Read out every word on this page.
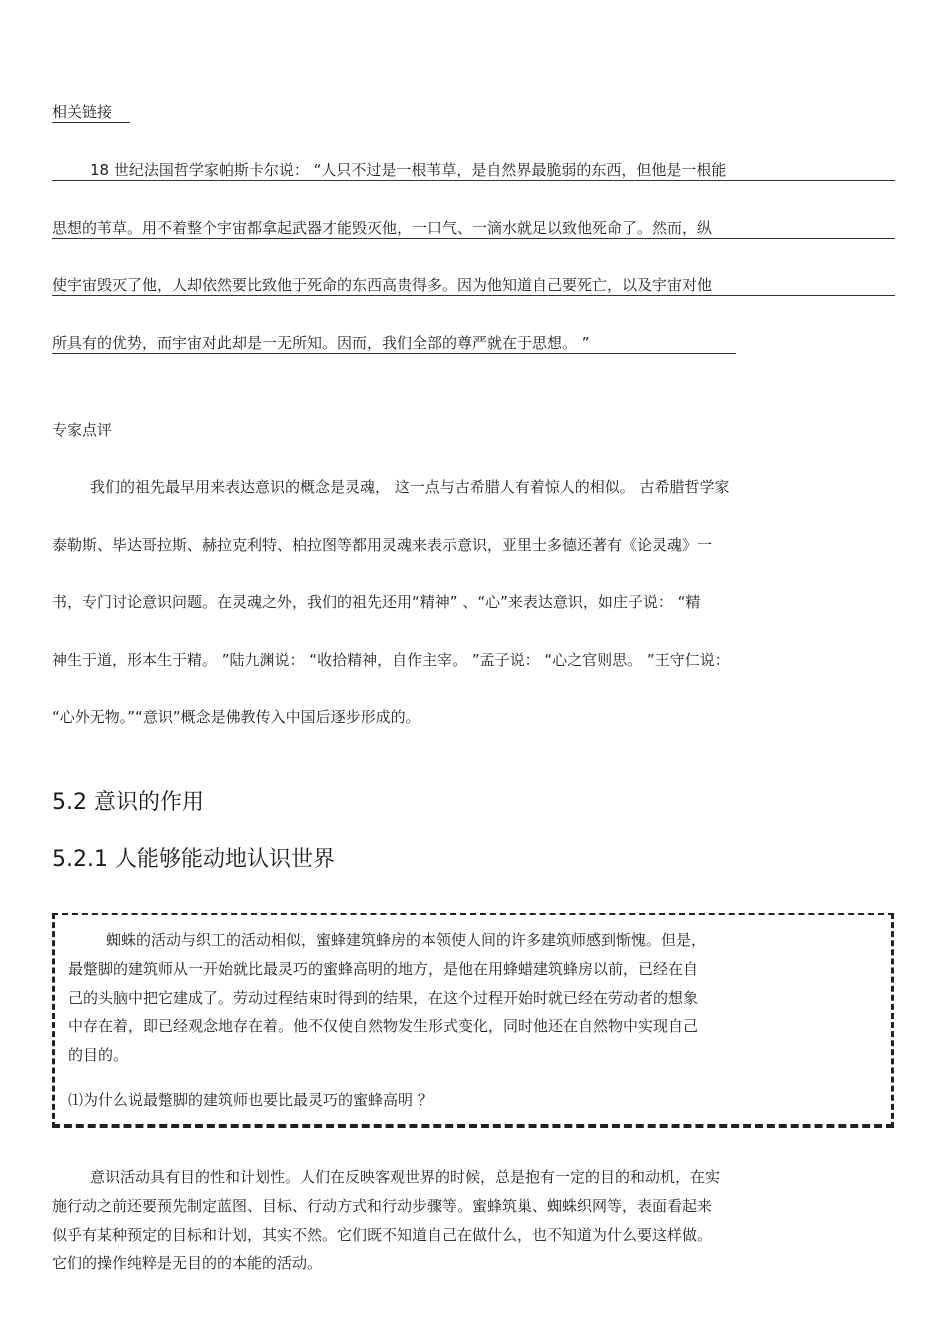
相关链接
18 世纪法国哲学家帕斯卡尔说： “人只不过是一根苇草，是自然界最脆弱的东西，但他是一根能
思想的苇草。用不着整个宇宙都拿起武器才能毁灭他，一口气、一滴水就足以致他死命了。然而，纵
使宇宙毁灭了他，人却依然要比致他于死命的东西高贵得多。因为他知道自己要死亡，以及宇宙对他
所具有的优势，而宇宙对此却是一无所知。因而，我们全部的尊严就在于思想。 ”
专家点评
我们的祖先最早用来表达意识的概念是灵魂， 这一点与古希腊人有着惊人的相似。 古希腊哲学家
泰勒斯、毕达哥拉斯、赫拉克利特、柏拉图等都用灵魂来表示意识，亚里士多德还著有《论灵魂》一
书，专门讨论意识问题。在灵魂之外，我们的祖先还用“精神” 、“心”来表达意识，如庄子说： “精
神生于道，形本生于精。 ”陆九渊说： “收拾精神，自作主宰。 ”孟子说： “心之官则思。 ”王守仁说：
“心外无物。”“意识”概念是佛教传入中国后逐步形成的。
5.2 意识的作用
5.2.1 人能够能动地认识世界
蜘蛛的活动与织工的活动相似，蜜蜂建筑蜂房的本领使人间的许多建筑师感到惭愧。但是，
最蹩脚的建筑师从一开始就比最灵巧的蜜蜂高明的地方，是他在用蜂蜡建筑蜂房以前，已经在自
己的头脑中把它建成了。劳动过程结束时得到的结果，在这个过程开始时就已经在劳动者的想象
中存在着，即已经观念地存在着。他不仅使自然物发生形式变化，同时他还在自然物中实现自己
的目的。
⑴为什么说最蹩脚的建筑师也要比最灵巧的蜜蜂高明 ？
意识活动具有目的性和计划性。人们在反映客观世界的时候，总是抱有一定的目的和动机，在实
施行动之前还要预先制定蓝图、目标、行动方式和行动步骤等。蜜蜂筑巢、蜘蛛织网等，表面看起来
似乎有某种预定的目标和计划，其实不然。它们既不知道自己在做什么，也不知道为什么要这样做。
它们的操作纯粹是无目的的本能的活动。
